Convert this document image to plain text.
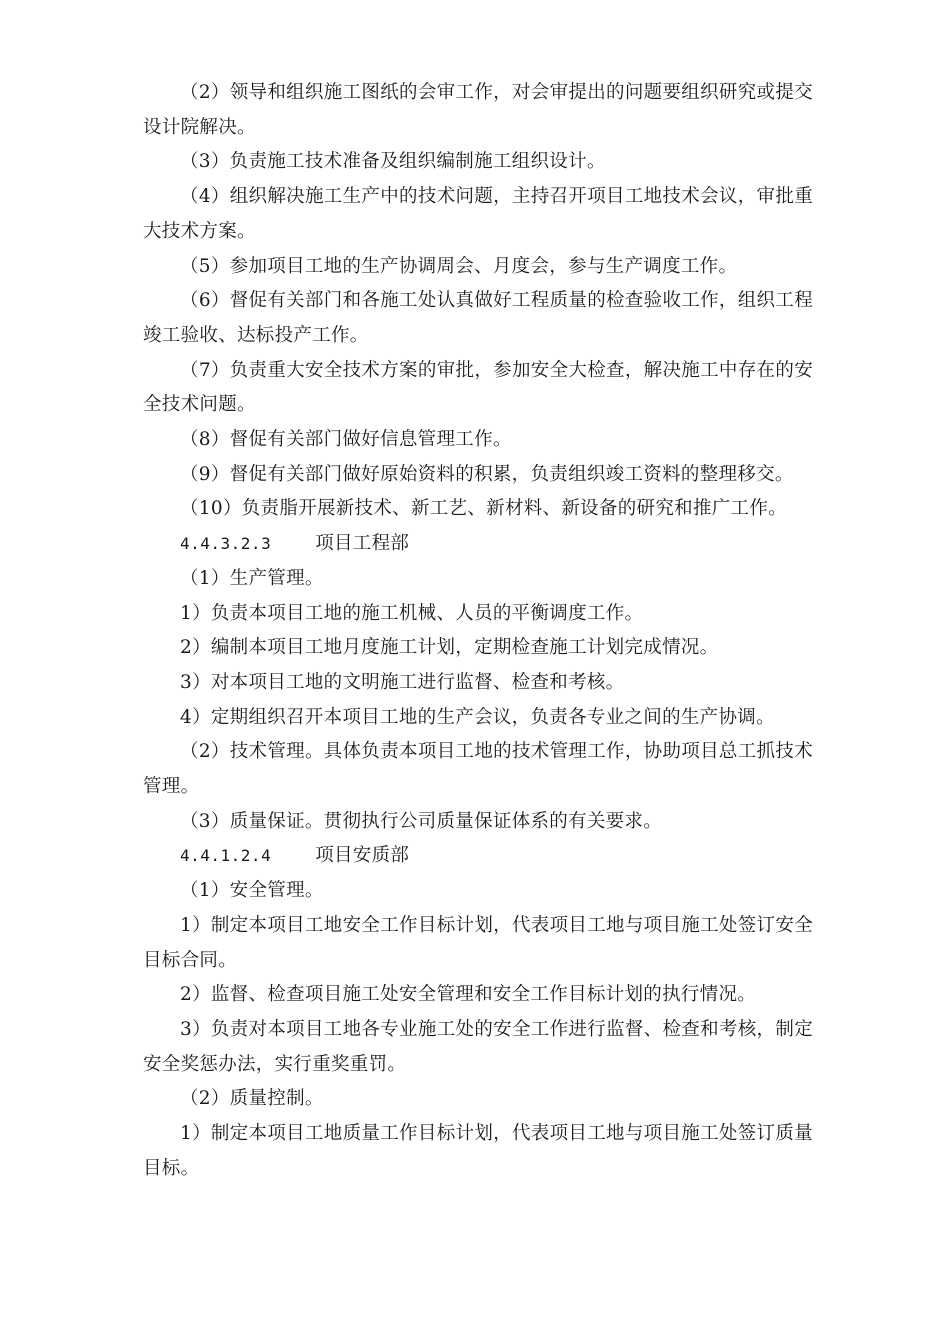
（2）领导和组织施工图纸的会审工作，对会审提出的问题要组织研究或提交设计院解决。

（3）负责施工技术准备及组织编制施工组织设计。

（4）组织解决施工生产中的技术问题，主持召开项目工地技术会议，审批重大技术方案。

（5）参加项目工地的生产协调周会、月度会，参与生产调度工作。

（6）督促有关部门和各施工处认真做好工程质量的检查验收工作，组织工程竣工验收、达标投产工作。

（7）负责重大安全技术方案的审批，参加安全大检查，解决施工中存在的安全技术问题。

（8）督促有关部门做好信息管理工作。

（9）督促有关部门做好原始资料的积累，负责组织竣工资料的整理移交。

（10）负责脂开展新技术、新工艺、新材料、新设备的研究和推广工作。

4.4.3.2.3 项目工程部

（1）生产管理。

1）负责本项目工地的施工机械、人员的平衡调度工作。

2）编制本项目工地月度施工计划，定期检查施工计划完成情况。

3）对本项目工地的文明施工进行监督、检查和考核。

4）定期组织召开本项目工地的生产会议，负责各专业之间的生产协调。

（2）技术管理。具体负责本项目工地的技术管理工作，协助项目总工抓技术管理。

（3）质量保证。贯彻执行公司质量保证体系的有关要求。

4.4.1.2.4 项目安质部

（1）安全管理。

1）制定本项目工地安全工作目标计划，代表项目工地与项目施工处签订安全目标合同。

2）监督、检查项目施工处安全管理和安全工作目标计划的执行情况。

3）负责对本项目工地各专业施工处的安全工作进行监督、检查和考核，制定安全奖惩办法，实行重奖重罚。

（2）质量控制。

1）制定本项目工地质量工作目标计划，代表项目工地与项目施工处签订质量目标。
